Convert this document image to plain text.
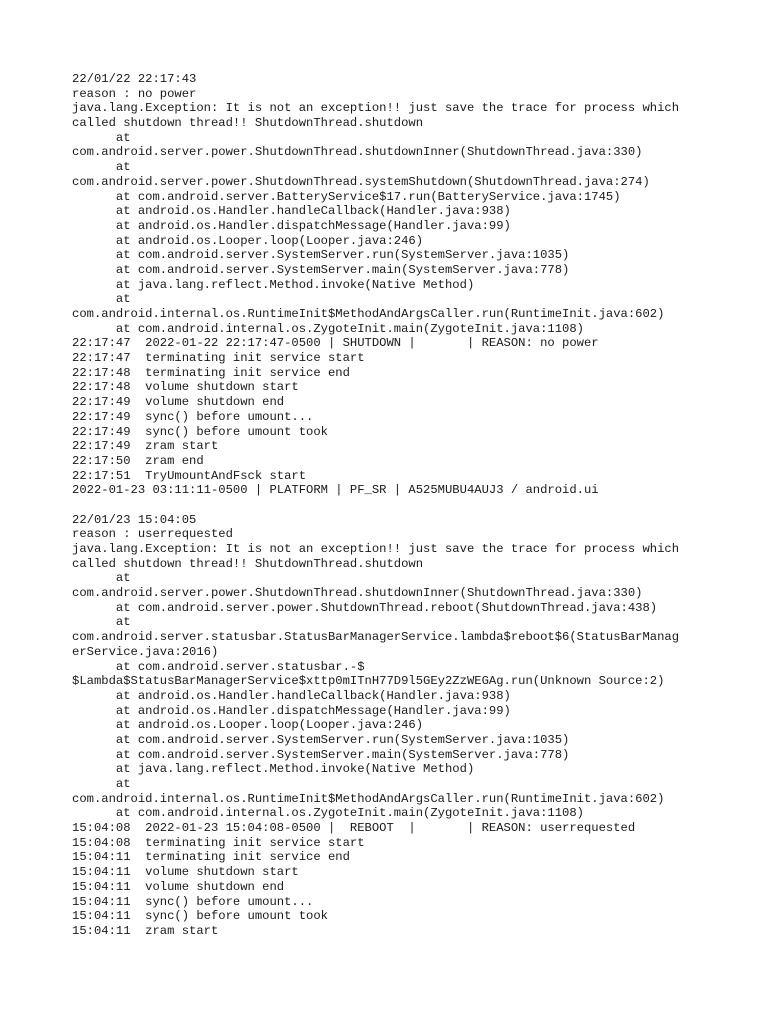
22/01/22 22:17:43
reason : no power
java.lang.Exception: It is not an exception!! just save the trace for process which
called shutdown thread!! ShutdownThread.shutdown
at
com.android.server.power.ShutdownThread.shutdownInner(ShutdownThread.java:330)
at
com.android.server.power.ShutdownThread.systemShutdown(ShutdownThread.java:274)
at com.android.server.BatteryService$17.run(BatteryService.java:1745)
at android.os.Handler.handleCallback(Handler.java:938)
at android.os.Handler.dispatchMessage(Handler.java:99)
at android.os.Looper.loop(Looper.java:246)
at com.android.server.SystemServer.run(SystemServer.java:1035)
at com.android.server.SystemServer.main(SystemServer.java:778)
at java.lang.reflect.Method.invoke(Native Method)
at
com.android.internal.os.RuntimeInit$MethodAndArgsCaller.run(RuntimeInit.java:602)
at com.android.internal.os.ZygoteInit.main(ZygoteInit.java:1108)
22:17:47  2022-01-22 22:17:47-0500 | SHUTDOWN |       | REASON: no power
22:17:47  terminating init service start
22:17:48  terminating init service end
22:17:48  volume shutdown start
22:17:49  volume shutdown end
22:17:49  sync() before umount...
22:17:49  sync() before umount took
22:17:49  zram start
22:17:50  zram end
22:17:51  TryUmountAndFsck start
2022-01-23 03:11:11-0500 | PLATFORM | PF_SR | A525MUBU4AUJ3 / android.ui
22/01/23 15:04:05
reason : userrequested
java.lang.Exception: It is not an exception!! just save the trace for process which
called shutdown thread!! ShutdownThread.shutdown
at
com.android.server.power.ShutdownThread.shutdownInner(ShutdownThread.java:330)
at com.android.server.power.ShutdownThread.reboot(ShutdownThread.java:438)
at
com.android.server.statusbar.StatusBarManagerService.lambda$reboot$6(StatusBarManag
erService.java:2016)
at com.android.server.statusbar.-$
$Lambda$StatusBarManagerService$xttp0mITnH77D9l5GEy2ZzWEGAg.run(Unknown Source:2)
at android.os.Handler.handleCallback(Handler.java:938)
at android.os.Handler.dispatchMessage(Handler.java:99)
at android.os.Looper.loop(Looper.java:246)
at com.android.server.SystemServer.run(SystemServer.java:1035)
at com.android.server.SystemServer.main(SystemServer.java:778)
at java.lang.reflect.Method.invoke(Native Method)
at
com.android.internal.os.RuntimeInit$MethodAndArgsCaller.run(RuntimeInit.java:602)
at com.android.internal.os.ZygoteInit.main(ZygoteInit.java:1108)
15:04:08  2022-01-23 15:04:08-0500 |  REBOOT  |       | REASON: userrequested
15:04:08  terminating init service start
15:04:11  terminating init service end
15:04:11  volume shutdown start
15:04:11  volume shutdown end
15:04:11  sync() before umount...
15:04:11  sync() before umount took
15:04:11  zram start
